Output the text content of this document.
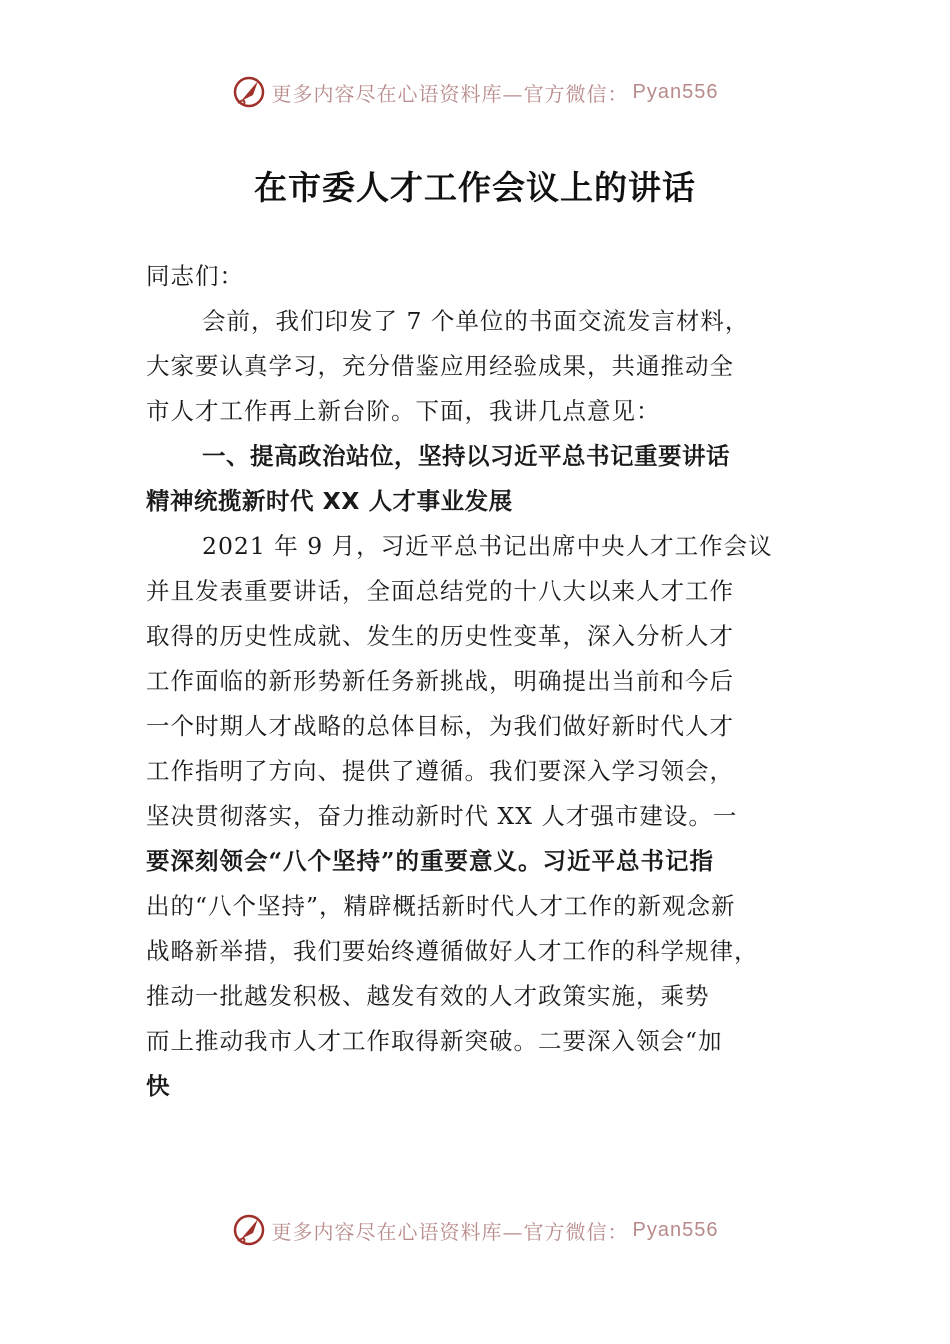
更多内容尽在心语资料库—官方微信： Pyan556
在市委人才工作会议上的讲话
同志们：
会前，我们印发了 7 个单位的书面交流发言材料，
大家要认真学习，充分借鉴应用经验成果，共通推动全
市人才工作再上新台阶。下面，我讲几点意见：
一、提高政治站位，坚持以习近平总书记重要讲话
精神统揽新时代 XX 人才事业发展
2021 年 9 月，习近平总书记出席中央人才工作会议
并且发表重要讲话，全面总结党的十八大以来人才工作
取得的历史性成就、发生的历史性变革，深入分析人才
工作面临的新形势新任务新挑战，明确提出当前和今后
一个时期人才战略的总体目标，为我们做好新时代人才
工作指明了方向、提供了遵循。我们要深入学习领会，
坚决贯彻落实，奋力推动新时代 XX 人才强市建设。一
要深刻领会“八个坚持”的重要意义。习近平总书记指
出的“八个坚持”，精辟概括新时代人才工作的新观念新
战略新举措，我们要始终遵循做好人才工作的科学规律，
推动一批越发积极、越发有效的人才政策实施，乘势
而上推动我市人才工作取得新突破。二要深入领会“加
快
更多内容尽在心语资料库—官方微信： Pyan556
